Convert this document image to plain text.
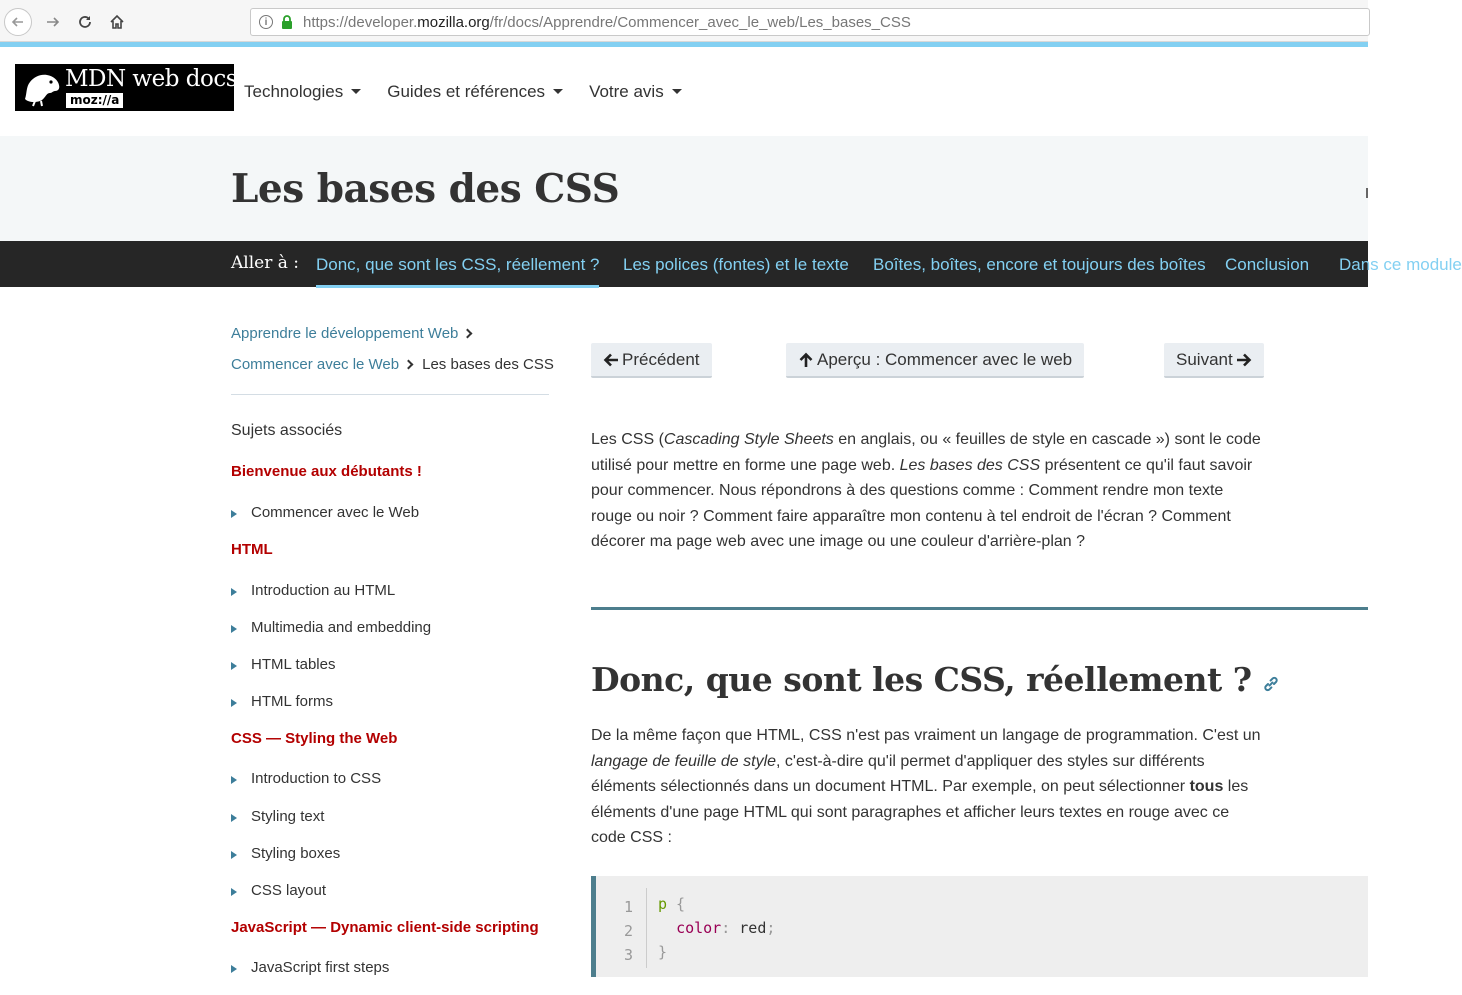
i	https://developer.mozilla.org/fr/docs/Apprendre/Commencer_avec_le_web/Les_bases_CSS
MDN web docs
moz://a	Technologies	Guides et références	Votre avis
Les bases des CSS
Aller à : Donc, que sont les CSS, réellement ? Les polices (fontes) et le texte Boîtes, boîtes, encore et toujours des boîtes Conclusion Dans ce module
Apprendre le développement Web
Commencer avec le Web Les bases des CSS
Sujets associés
Bienvenue aux débutants !
Commencer avec le Web
HTML
Introduction au HTML
Multimedia and embedding
HTML tables
HTML forms
CSS — Styling the Web
Introduction to CSS
Styling text
Styling boxes
CSS layout
JavaScript — Dynamic client-side scripting
JavaScript first steps
Précédent	Aperçu : Commencer avec le web	Suivant

Les CSS (Cascading Style Sheets en anglais, ou « feuilles de style en cascade ») sont le code utilisé pour mettre en forme une page web. Les bases des CSS présentent ce qu'il faut savoir pour commencer. Nous répondrons à des questions comme : Comment rendre mon texte rouge ou noir ? Comment faire apparaître mon contenu à tel endroit de l'écran ? Comment décorer ma page web avec une image ou une couleur d'arrière-plan ?

Donc, que sont les CSS, réellement ?

De la même façon que HTML, CSS n'est pas vraiment un langage de programmation. C'est un langage de feuille de style, c'est-à-dire qu'il permet d'appliquer des styles sur différents éléments sélectionnés dans un document HTML. Par exemple, on peut sélectionner tous les éléments d'une page HTML qui sont paragraphes et afficher leurs textes en rouge avec ce code CSS :

1
2
3
p {
color: red;
}
